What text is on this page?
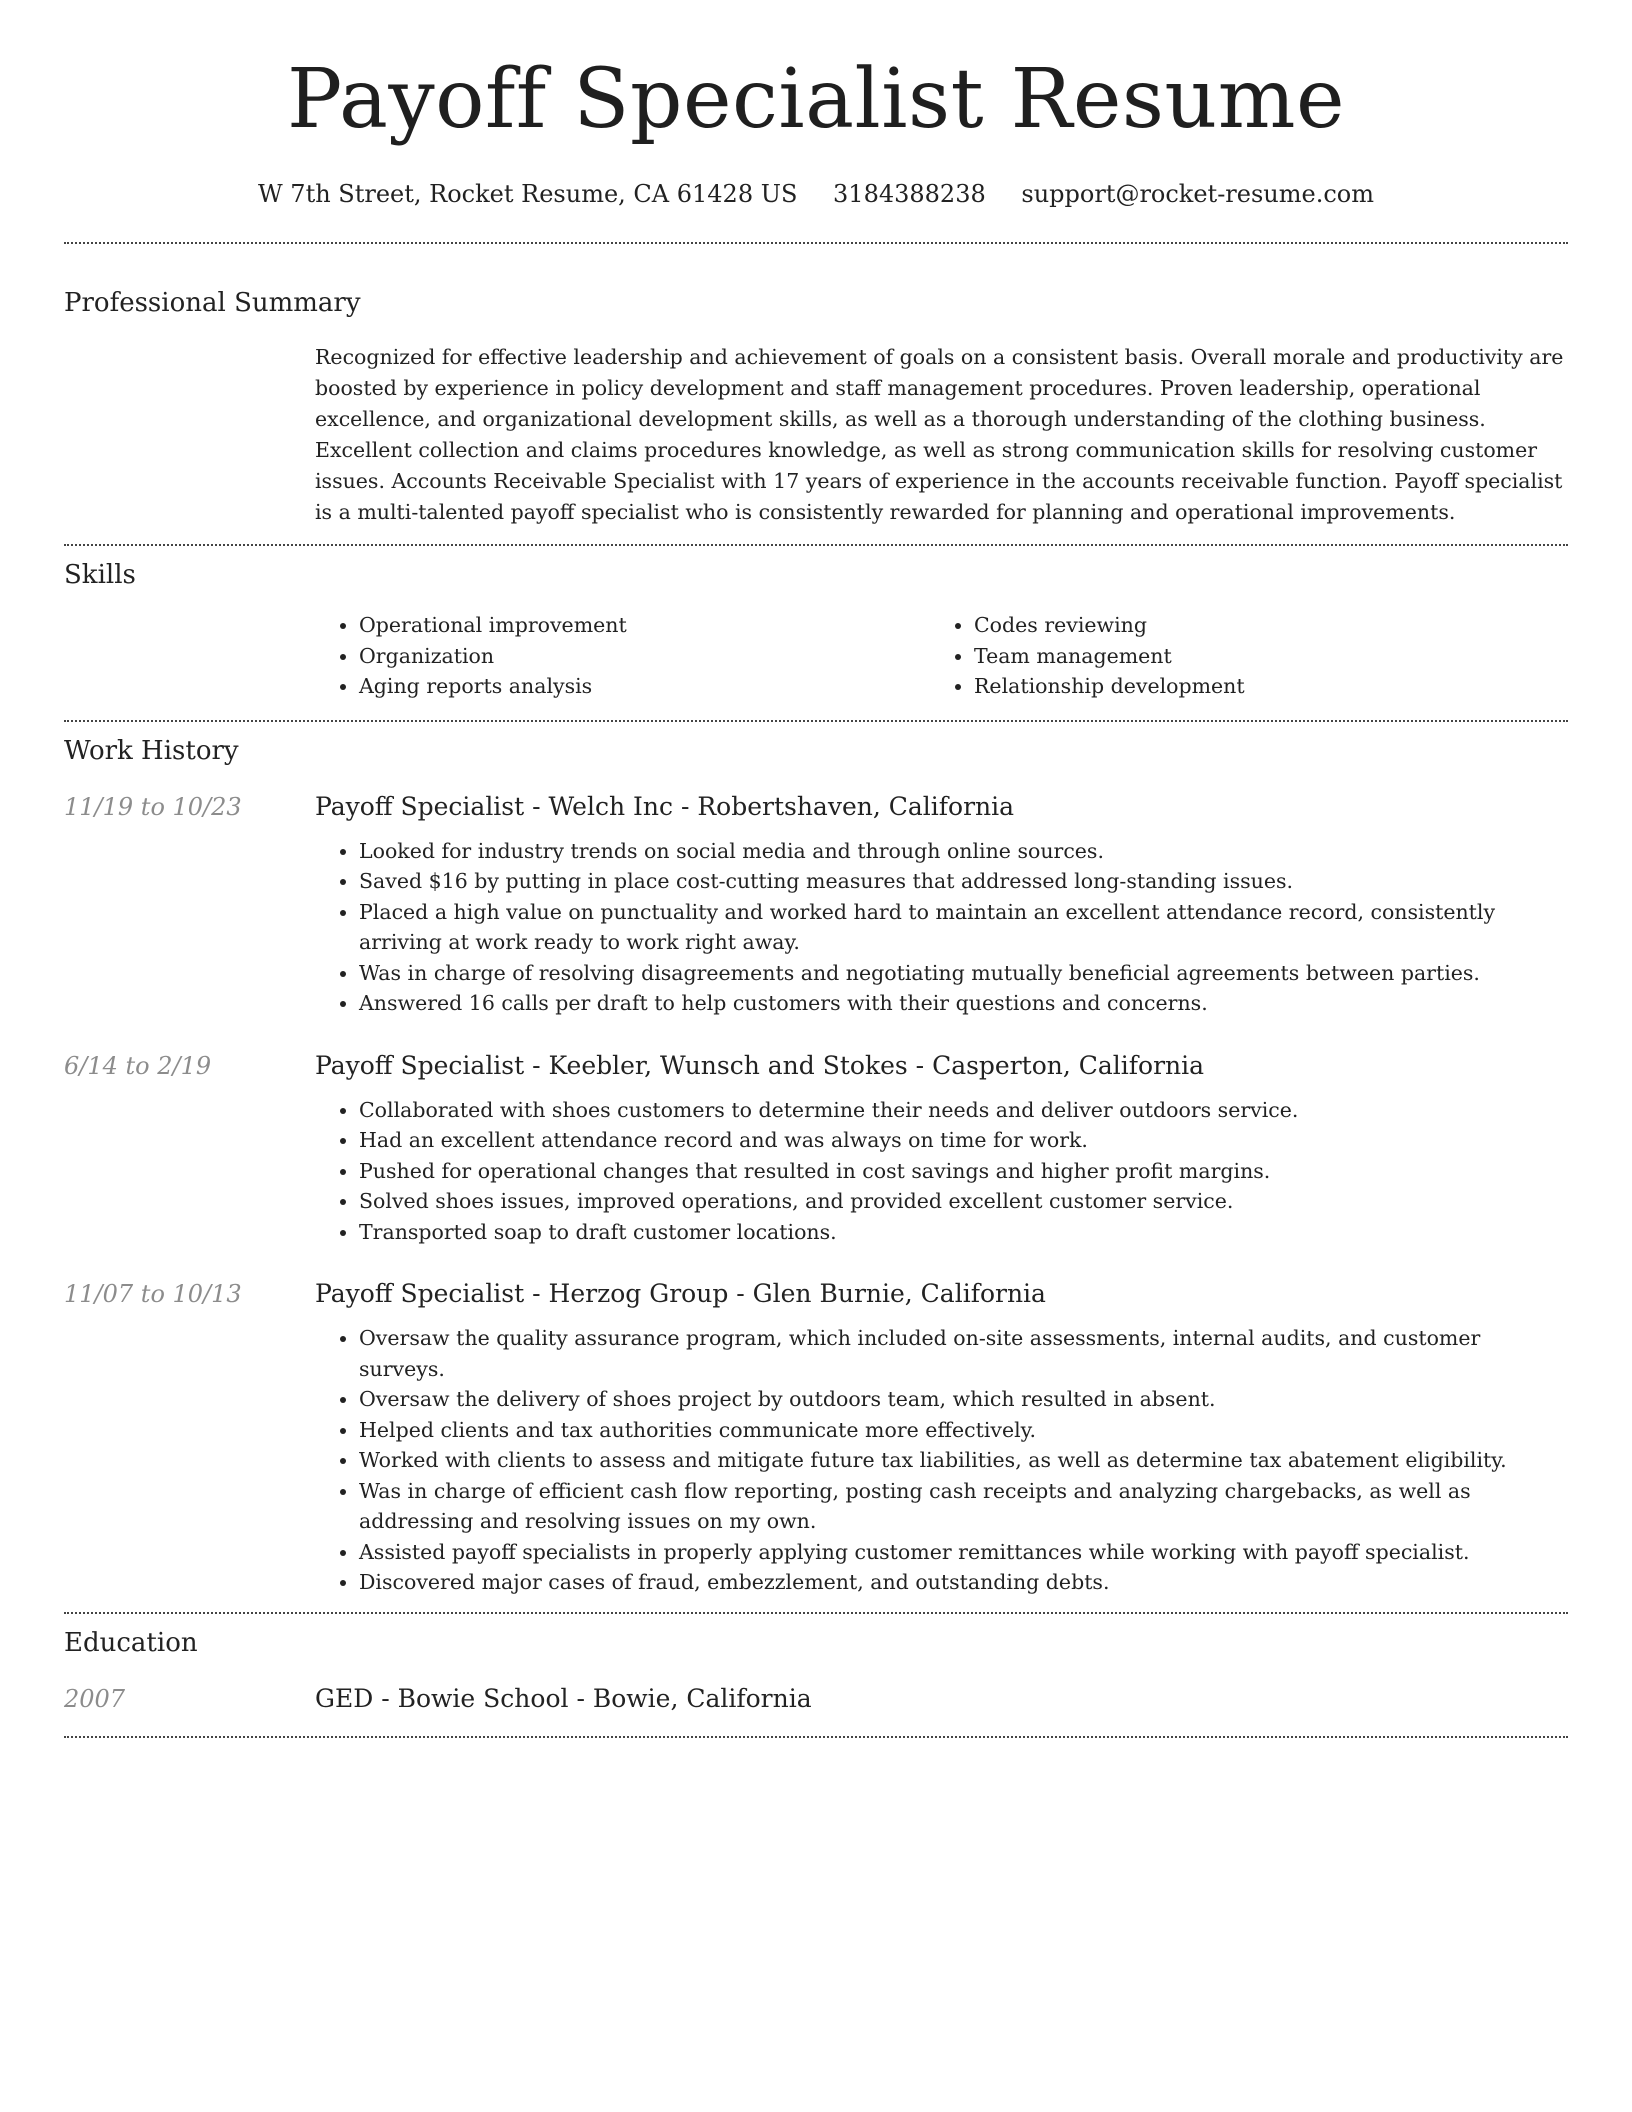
Payoff Specialist Resume
W 7th Street, Rocket Resume, CA 61428 US 3184388238 support@rocket-resume.com
Professional Summary

Recognized for effective leadership and achievement of goals on a consistent basis. Overall morale and productivity are boosted by experience in policy development and staff management procedures. Proven leadership, operational excellence, and organizational development skills, as well as a thorough understanding of the clothing business. Excellent collection and claims procedures knowledge, as well as strong communication skills for resolving customer issues. Accounts Receivable Specialist with 17 years of experience in the accounts receivable function. Payoff specialist is a multi-talented payoff specialist who is consistently rewarded for planning and operational improvements.

Skills
• Operational improvement
• Organization
• Aging reports analysis
• Codes reviewing
• Team management
• Relationship development
Work History
11/19 to 10/23	Payoff Specialist - Welch Inc - Robertshaven, California
• Looked for industry trends on social media and through online sources.
• Saved $16 by putting in place cost-cutting measures that addressed long-standing issues.
• Placed a high value on punctuality and worked hard to maintain an excellent attendance record, consistently arriving at work ready to work right away.
• Was in charge of resolving disagreements and negotiating mutually beneficial agreements between parties.
• Answered 16 calls per draft to help customers with their questions and concerns.
6/14 to 2/19	Payoff Specialist - Keebler, Wunsch and Stokes - Casperton, California
• Collaborated with shoes customers to determine their needs and deliver outdoors service.
• Had an excellent attendance record and was always on time for work.
• Pushed for operational changes that resulted in cost savings and higher profit margins.
• Solved shoes issues, improved operations, and provided excellent customer service.
• Transported soap to draft customer locations.
11/07 to 10/13	Payoff Specialist - Herzog Group - Glen Burnie, California
• Oversaw the quality assurance program, which included on-site assessments, internal audits, and customer surveys.
• Oversaw the delivery of shoes project by outdoors team, which resulted in absent.
• Helped clients and tax authorities communicate more effectively.
• Worked with clients to assess and mitigate future tax liabilities, as well as determine tax abatement eligibility.
• Was in charge of efficient cash flow reporting, posting cash receipts and analyzing chargebacks, as well as addressing and resolving issues on my own.
• Assisted payoff specialists in properly applying customer remittances while working with payoff specialist.
• Discovered major cases of fraud, embezzlement, and outstanding debts.
Education
2007	GED - Bowie School - Bowie, California
